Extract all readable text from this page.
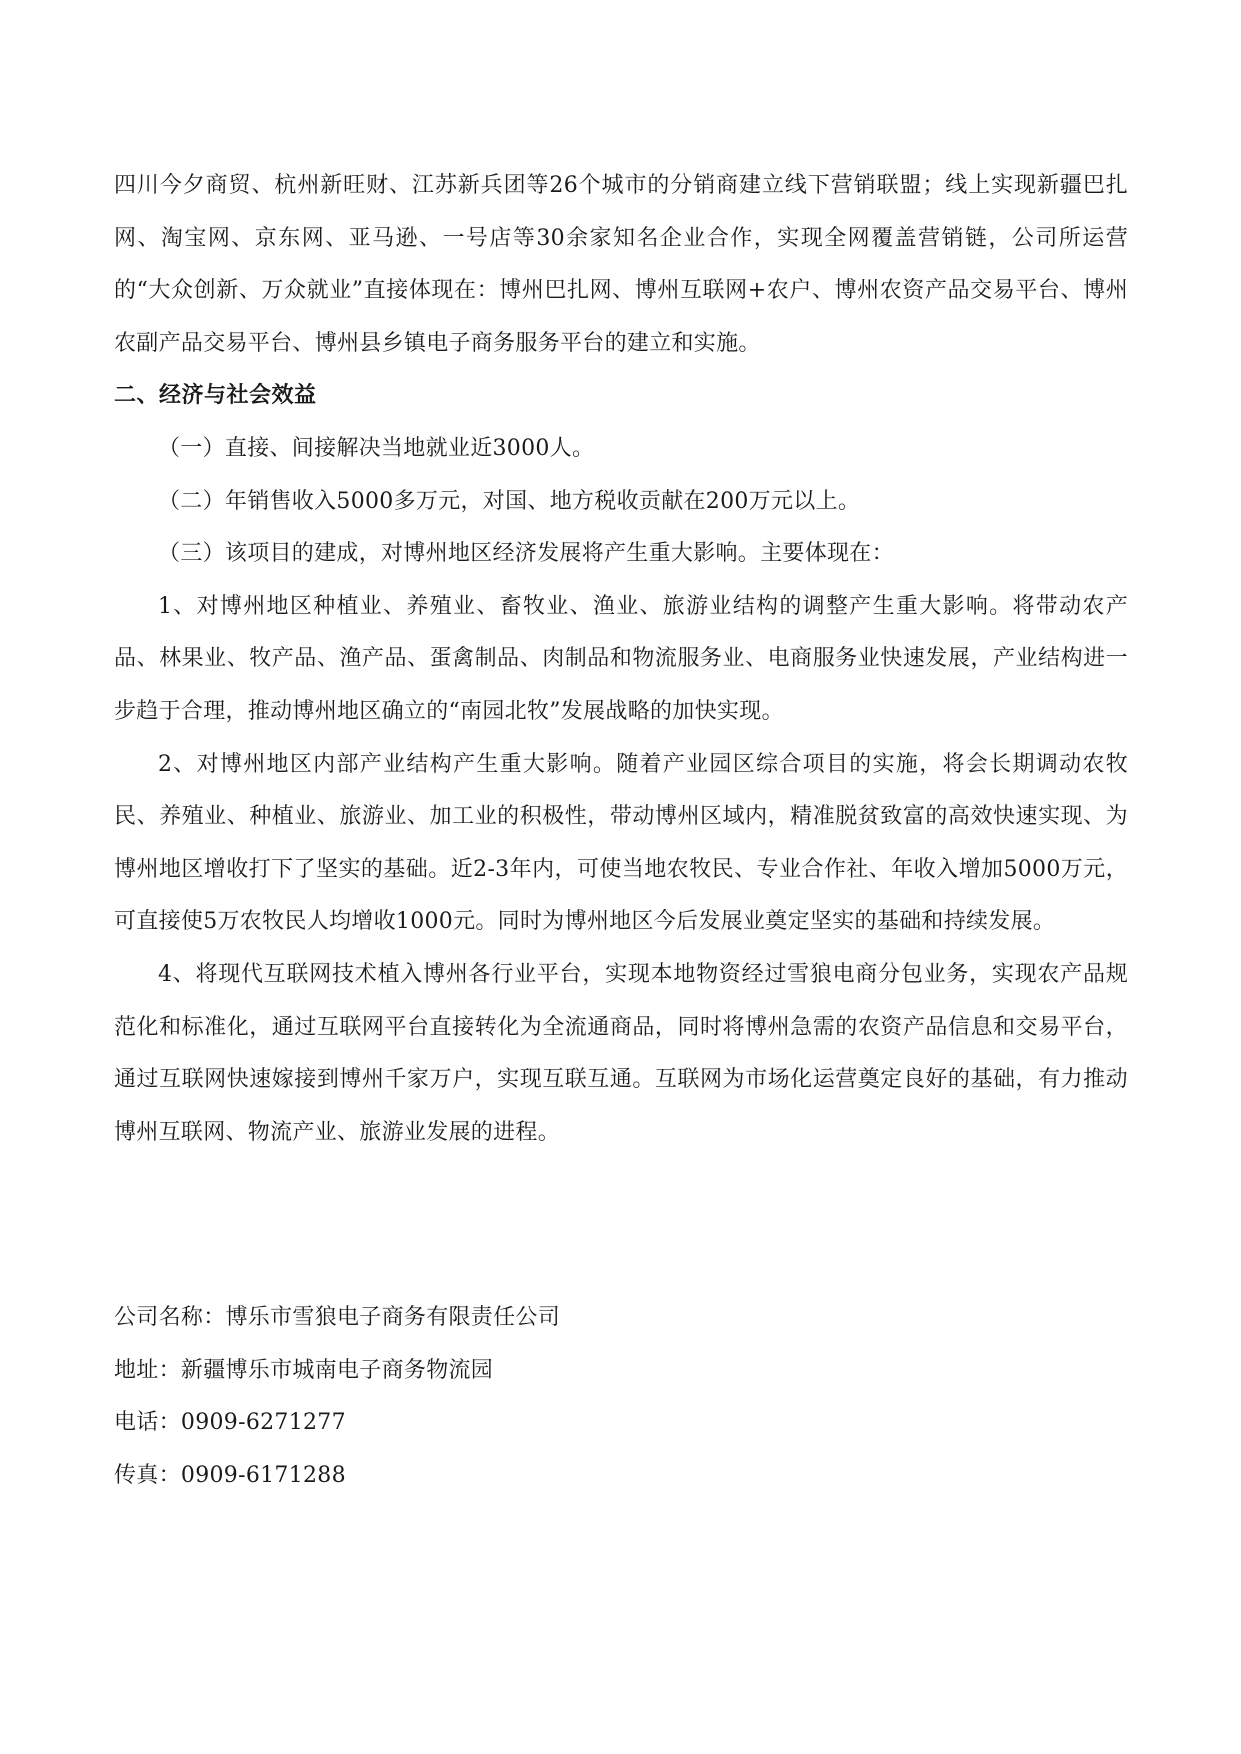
四川今夕商贸、杭州新旺财、江苏新兵团等26个城市的分销商建立线下营销联盟；线上实现新疆巴扎网、淘宝网、京东网、亚马逊、一号店等30余家知名企业合作，实现全网覆盖营销链，公司所运营的“大众创新、万众就业”直接体现在：博州巴扎网、博州互联网+农户、博州农资产品交易平台、博州农副产品交易平台、博州县乡镇电子商务服务平台的建立和实施。

二、经济与社会效益

（一）直接、间接解决当地就业近3000人。

（二）年销售收入5000多万元，对国、地方税收贡献在200万元以上。

（三）该项目的建成，对博州地区经济发展将产生重大影响。主要体现在：

1、对博州地区种植业、养殖业、畜牧业、渔业、旅游业结构的调整产生重大影响。将带动农产品、林果业、牧产品、渔产品、蛋禽制品、肉制品和物流服务业、电商服务业快速发展，产业结构进一步趋于合理，推动博州地区确立的“南园北牧”发展战略的加快实现。

2、对博州地区内部产业结构产生重大影响。随着产业园区综合项目的实施，将会长期调动农牧民、养殖业、种植业、旅游业、加工业的积极性，带动博州区域内，精准脱贫致富的高效快速实现、为博州地区增收打下了坚实的基础。近2-3年内，可使当地农牧民、专业合作社、年收入增加5000万元，可直接使5万农牧民人均增收1000元。同时为博州地区今后发展业奠定坚实的基础和持续发展。

4、将现代互联网技术植入博州各行业平台，实现本地物资经过雪狼电商分包业务，实现农产品规范化和标准化，通过互联网平台直接转化为全流通商品，同时将博州急需的农资产品信息和交易平台，通过互联网快速嫁接到博州千家万户，实现互联互通。互联网为市场化运营奠定良好的基础，有力推动博州互联网、物流产业、旅游业发展的进程。

公司名称：博乐市雪狼电子商务有限责任公司

地址：新疆博乐市城南电子商务物流园

电话：0909-6271277

传真：0909-6171288
